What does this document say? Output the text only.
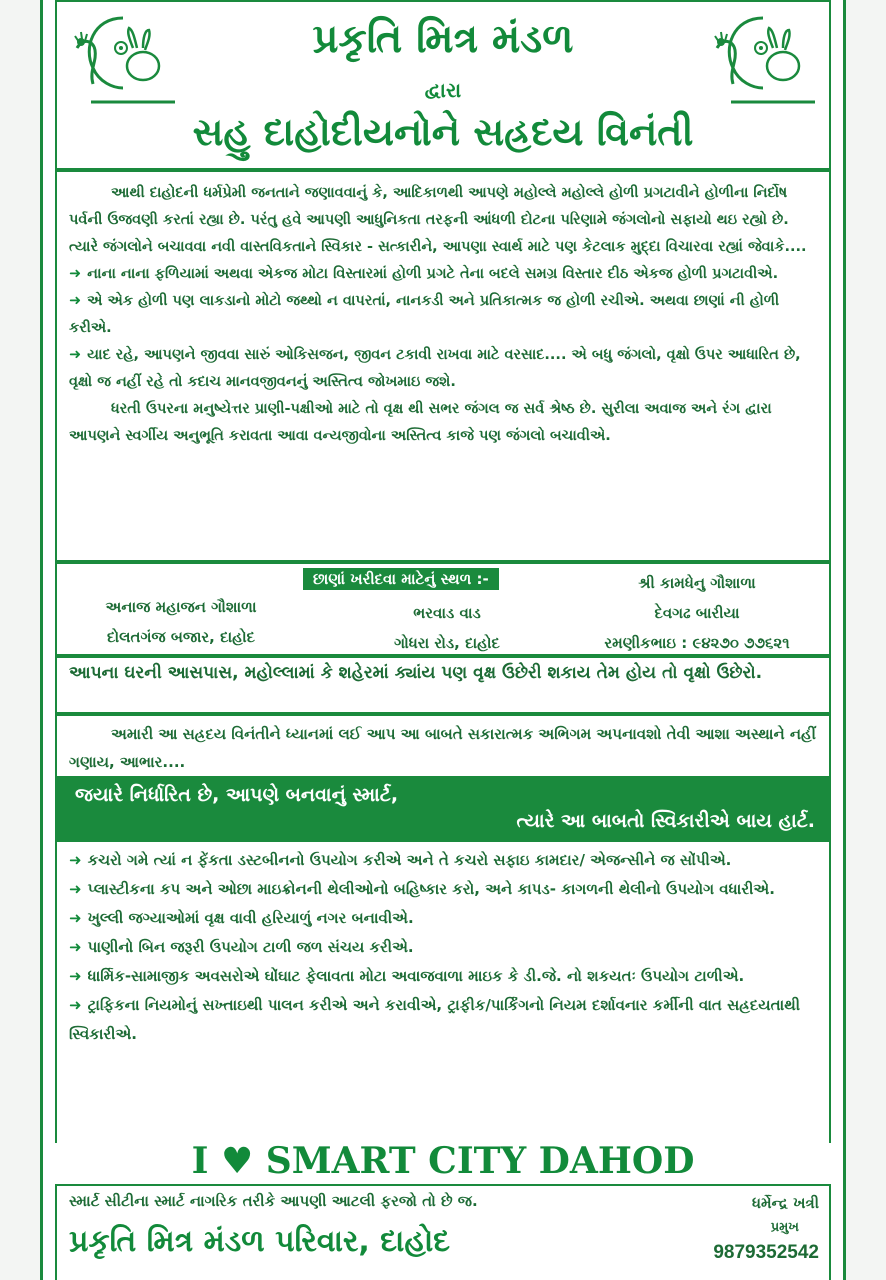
પ્રકૃતિ મિત્ર મંડળ
દ્વારા
સહુ દાહોદીયનોને સહ્રદય વિનંતી

આથી દાહોદની ધર્મપ્રેમી જનતાને જણાવવાનું કે, આદિકાળથી આપણે મહોલ્લે મહોલ્લે હોળી પ્રગટાવીને હોળીના નિર્દોષ પર્વની ઉજવણી કરતાં રહ્યા છે. પરંતુ હવે આપણી આધુનિકતા તરફની આંધળી દોટના પરિણામે જંગલોનો સફાયો થઇ રહ્યો છે. ત્યારે જંગલોને બચાવવા નવી વાસ્તવિકતાને સ્વિકાર - સત્કારીને, આપણા સ્વાર્થ માટે પણ કેટલાક મુદ્દા વિચારવા રહ્યાં જેવાકે....

➜ નાના નાના ફળિયામાં અથવા એકજ મોટા વિસ્તારમાં હોળી પ્રગટે તેના બદલે સમગ્ર વિસ્તાર દીઠ એકજ હોળી પ્રગટાવીએ.

➜ એ એક હોળી પણ લાકડાનો મોટો જથ્થો ન વાપરતાં, નાનકડી અને પ્રતિકાત્મક જ હોળી રચીએ. અથવા છાણાં ની હોળી કરીએ.

➜ યાદ રહે, આપણને જીવવા સારું ઓકિસજન, જીવન ટકાવી રાખવા માટે વરસાદ.... એ બધુ જંગલો, વૃક્ષો ઉપર આધારિત છે, વૃક્ષો જ નહીં રહે તો કદાચ માનવજીવનનું અસ્તિત્વ જોખમાઇ જશે.

ધરતી ઉપરના મનુષ્યેત્તર પ્રાણી-પક્ષીઓ માટે તો વૃક્ષ થી સભર જંગલ જ સર્વ શ્રેષ્ઠ છે. સુરીલા અવાજ અને રંગ દ્વારા આપણને સ્વર્ગીય અનુભૂતિ કરાવતા આવા વન્યજીવોના અસ્તિત્વ કાજે પણ જંગલો બચાવીએ.

છાણાં ખરીદવા માટેનું સ્થળ :-
અનાજ મહાજન ગૌશાળા
દોલતગંજ બજાર, દાહોદ
ભરવાડ વાડ
ગોધરા રોડ, દાહોદ
શ્રી કામધેનુ ગૌશાળા
દેવગઢ બારીયા
રમણીકભાઇ : ૯૪૨૭૦ ૭૭૬૨૧
આપના ઘરની આસપાસ, મહોલ્લામાં કે શહેરમાં ક્યાંય પણ વૃક્ષ ઉછેરી શકાય તેમ હોય તો વૃક્ષો ઉછેરો.
અમારી આ સહ્રદય વિનંતીને ધ્યાનમાં લઈ આપ આ બાબતે સકારાત્મક અભિગમ અપનાવશો તેવી આશા અસ્થાને નહીં ગણાય, આભાર....
જયારે નિર્ધારિત છે, આપણે બનવાનું સ્માર્ટ,
ત્યારે આ બાબતો સ્વિકારીએ બાય હાર્ટ.
➜ કચરો ગમે ત્યાં ન ફેંકતા ડસ્ટબીનનો ઉપયોગ કરીએ અને તે કચરો સફાઇ કામદાર/ એજન્સીને જ સોંપીએ.
➜ પ્લાસ્ટીકના કપ અને ઓછા માઇક્રોનની થેલીઓનો બહિષ્કાર કરો, અને કાપડ- કાગળની થેલીનો ઉપયોગ વધારીએ.
➜ ખુલ્લી જગ્યાઓમાં વૃક્ષ વાવી હરિયાળું નગર બનાવીએ.
➜ પાણીનો બિન જરૂરી ઉપયોગ ટાળી જળ સંચય કરીએ.
➜ ધાર્મિક-સામાજીક અવસરોએ ઘોંઘાટ ફેલાવતા મોટા અવાજવાળા માઇક કે ડી.જે. નો શકયતઃ ઉપયોગ ટાળીએ.
➜ ટ્રાફિકના નિયમોનું સખ્તાઇથી પાલન કરીએ અને કરાવીએ, ટ્રાફીક/પાર્કિંગનો નિયમ દર્શાવનાર કર્મીની વાત સહ્રદયતાથી સ્વિકારીએ.
I ♥ SMART CITY DAHOD
સ્માર્ટ સીટીના સ્માર્ટ નાગરિક તરીકે આપણી આટલી ફરજો તો છે જ.
પ્રકૃતિ મિત્ર મંડળ પરિવાર, દાહોદ
ધર્મેન્દ્ર ખત્રી
પ્રમુખ
9879352542
